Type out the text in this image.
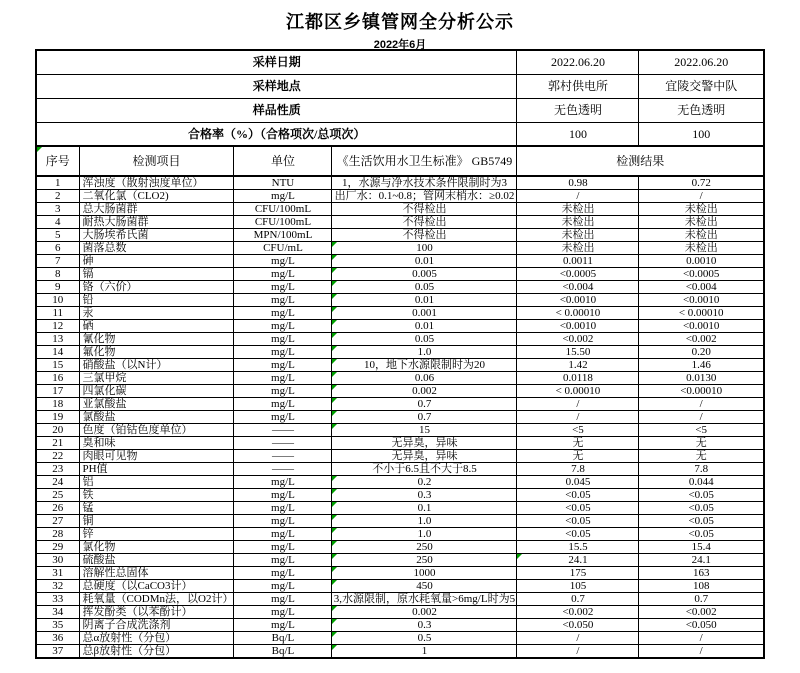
江都区乡镇管网全分析公示
2022年6月
采样日期				2022.06.20	2022.06.20
采样地点				郭村供电所	宜陵交警中队
样品性质				无色透明	无色透明
合格率（%）（合格项次/总项次）				100	100
序号	检测项目	单位	《生活饮用水卫生标准》 GB5749	检测结果	
1	浑浊度（散射浊度单位）	NTU	1，水源与净水技术条件限制时为3	0.98	0.72
2	二氧化氯（CLO2)	mg/L	出厂水：0.1~0.8；管网末梢水：≥0.02	/	/
3	总大肠菌群	CFU/100mL	不得检出	未检出	未检出
4	耐热大肠菌群	CFU/100mL	不得检出	未检出	未检出
5	大肠埃希氏菌	MPN/100mL	不得检出	未检出	未检出
6	菌落总数	CFU/mL	100	未检出	未检出
7	砷	mg/L	0.01	0.0011	0.0010
8	镉	mg/L	0.005	<0.0005	<0.0005
9	铬（六价）	mg/L	0.05	<0.004	<0.004
10	铅	mg/L	0.01	<0.0010	<0.0010
11	汞	mg/L	0.001	< 0.00010	< 0.00010
12	硒	mg/L	0.01	<0.0010	<0.0010
13	氰化物	mg/L	0.05	<0.002	<0.002
14	氟化物	mg/L	1.0	15.50	0.20
15	硝酸盐（以N计）	mg/L	10，地下水源限制时为20	1.42	1.46
16	三氯甲烷	mg/L	0.06	0.0118	0.0130
17	四氯化碳	mg/L	0.002	< 0.00010	<0.00010
18	亚氯酸盐	mg/L	0.7	/	/
19	氯酸盐	mg/L	0.7	/	/
20	色度（铂钴色度单位）	——	15	<5	<5
21	臭和味	——	无异臭，异味	无	无
22	肉眼可见物	——	无异臭，异味	无	无
23	PH值	——	不小于6.5且不大于8.5	7.8	7.8
24	铝	mg/L	0.2	0.045	0.044
25	铁	mg/L	0.3	<0.05	<0.05
26	锰	mg/L	0.1	<0.05	<0.05
27	铜	mg/L	1.0	<0.05	<0.05
28	锌	mg/L	1.0	<0.05	<0.05
29	氯化物	mg/L	250	15.5	15.4
30	硫酸盐	mg/L	250	24.1	24.1
31	溶解性总固体	mg/L	1000	175	163
32	总硬度（以CaCO3计）	mg/L	450	105	108
33	耗氧量（CODMn法，以O2计）	mg/L	3,水源限制，原水耗氧量>6mg/L时为5	0.7	0.7
34	挥发酚类（以苯酚计）	mg/L	0.002	<0.002	<0.002
35	阴离子合成洗涤剂	mg/L	0.3	<0.050	<0.050
36	总α放射性（分包）	Bq/L	0.5	/	/
37	总β放射性（分包）	Bq/L	1	/	/
